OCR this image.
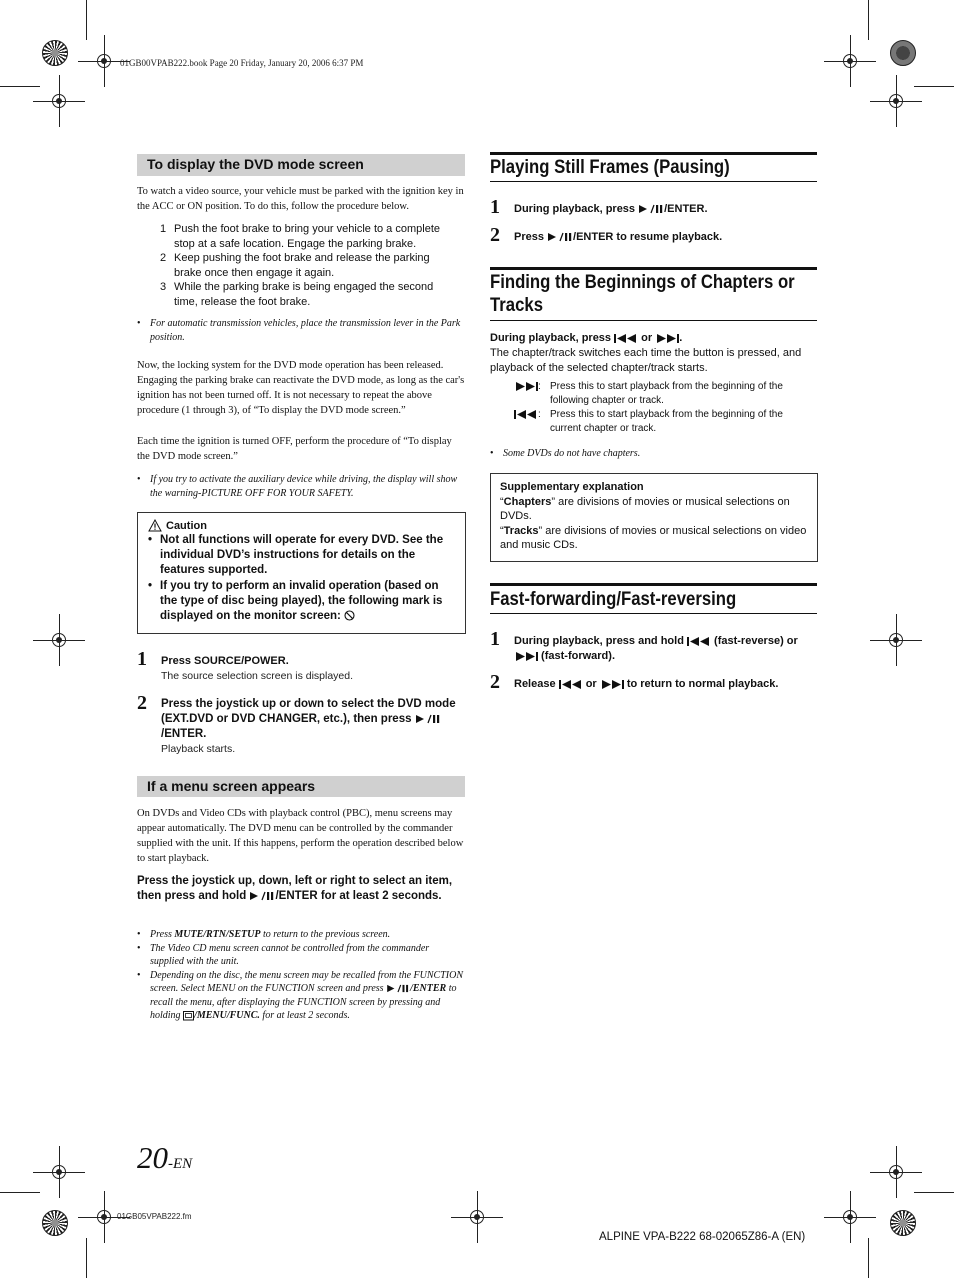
01GB00VPAB222.book Page 20 Friday, January 20, 2006 6:37 PM
01GB05VPAB222.fm
ALPINE VPA-B222 68-02065Z86-A (EN)
20-EN
To display the DVD mode screen
To watch a video source, your vehicle must be parked with the ignition key in the ACC or ON position. To do this, follow the procedure below.
1 Push the foot brake to bring your vehicle to a complete stop at a safe location. Engage the parking brake.
2 Keep pushing the foot brake and release the parking brake once then engage it again.
3 While the parking brake is being engaged the second time, release the foot brake.
• For automatic transmission vehicles, place the transmission lever in the Park position.
Now, the locking system for the DVD mode operation has been released. Engaging the parking brake can reactivate the DVD mode, as long as the car's ignition has not been turned off. It is not necessary to repeat the above procedure (1 through 3), of “To display the DVD mode screen.”
Each time the ignition is turned OFF, perform the procedure of “To display the DVD mode screen.”
• If you try to activate the auxiliary device while driving, the display will show the warning-PICTURE OFF FOR YOUR SAFETY.
Caution
• Not all functions will operate for every DVD. See the individual DVD’s instructions for details on the features supported.
• If you try to perform an invalid operation (based on the type of disc being played), the following mark is displayed on the monitor screen:
1 Press SOURCE/POWER.
The source selection screen is displayed.
2 Press the joystick up or down to select the DVD mode (EXT.DVD or DVD CHANGER, etc.), then press /ENTER.
Playback starts.
If a menu screen appears
On DVDs and Video CDs with playback control (PBC), menu screens may appear automatically. The DVD menu can be controlled by the commander supplied with the unit. If this happens, perform the operation described below to start playback.
Press the joystick up, down, left or right to select an item, then press and hold /ENTER for at least 2 seconds.
• Press MUTE/RTN/SETUP to return to the previous screen.
• The Video CD menu screen cannot be controlled from the commander supplied with the unit.
• Depending on the disc, the menu screen may be recalled from the FUNCTION screen. Select MENU on the FUNCTION screen and press /ENTER to recall the menu, after displaying the FUNCTION screen by pressing and holding /MENU/FUNC. for at least 2 seconds.
Playing Still Frames (Pausing)
1 During playback, press /ENTER.
2 Press /ENTER to resume playback.
Finding the Beginnings of Chapters or
Tracks
During playback, press  or .
The chapter/track switches each time the button is pressed, and playback of the selected chapter/track starts.
: Press this to start playback from the beginning of the following chapter or track.
: Press this to start playback from the beginning of the current chapter or track.
• Some DVDs do not have chapters.
Supplementary explanation
“Chapters” are divisions of movies or musical selections on DVDs.
“Tracks” are divisions of movies or musical selections on video and music CDs.
Fast-forwarding/Fast-reversing
1 During playback, press and hold  (fast-reverse) or  (fast-forward).
2 Release  or  to return to normal playback.
